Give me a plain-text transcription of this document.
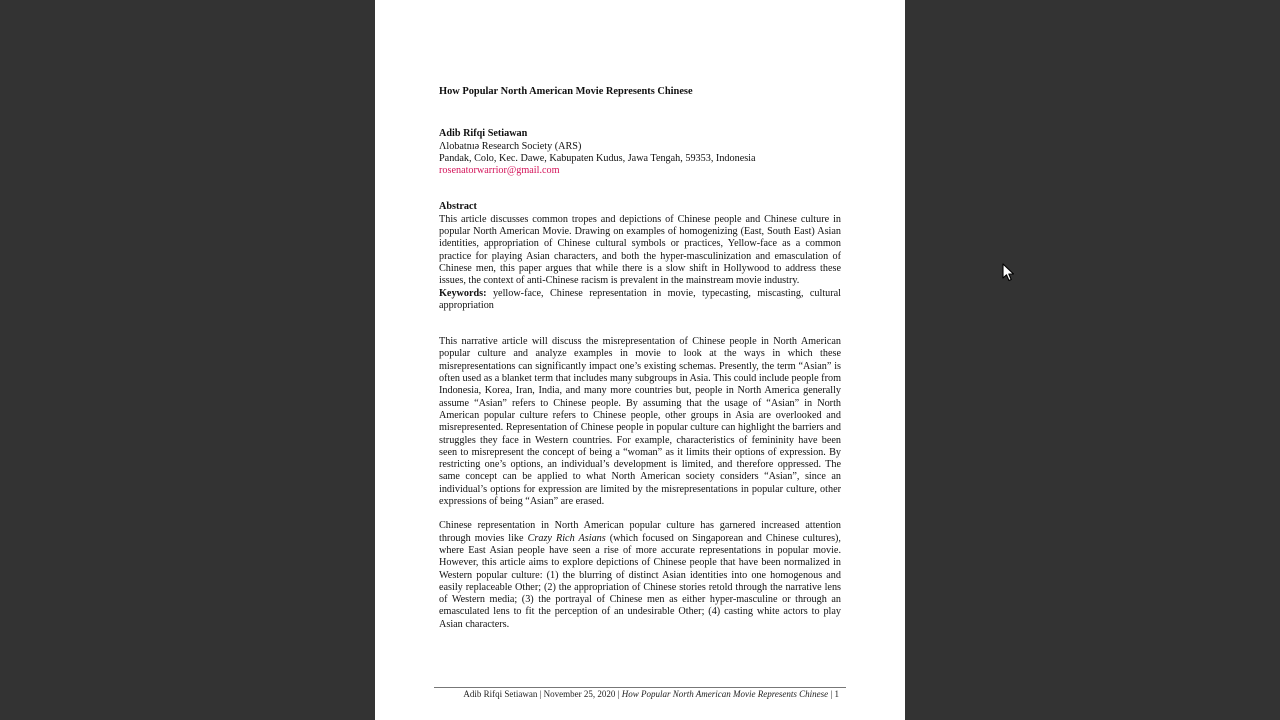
How Popular North American Movie Represents Chinese
Adib Rifqi Setiawan
Λlobatnıə Research Society (ARS)
Pandak, Colo, Kec. Dawe, Kabupaten Kudus, Jawa Tengah, 59353, Indonesia
rosenatorwarrior@gmail.com
Abstract

This article discusses common tropes and depictions of Chinese people and Chinese culture in popular North American Movie. Drawing on examples of homogenizing (East, South East) Asian identities, appropriation of Chinese cultural symbols or practices, Yellow-face as a common practice for playing Asian characters, and both the hyper-masculinization and emasculation of Chinese men, this paper argues that while there is a slow shift in Hollywood to address these issues, the context of anti-Chinese racism is prevalent in the mainstream movie industry.

Keywords: yellow-face, Chinese representation in movie, typecasting, miscasting, cultural appropriation

This narrative article will discuss the misrepresentation of Chinese people in North American popular culture and analyze examples in movie to look at the ways in which these misrepresentations can significantly impact one’s existing schemas. Presently, the term “Asian” is often used as a blanket term that includes many subgroups in Asia. This could include people from Indonesia, Korea, Iran, India, and many more countries but, people in North America generally assume “Asian” refers to Chinese people. By assuming that the usage of “Asian” in North American popular culture refers to Chinese people, other groups in Asia are overlooked and misrepresented. Representation of Chinese people in popular culture can highlight the barriers and struggles they face in Western countries. For example, characteristics of femininity have been seen to misrepresent the concept of being a “woman” as it limits their options of expression. By restricting one’s options, an individual’s development is limited, and therefore oppressed. The same concept can be applied to what North American society considers “Asian”, since an individual’s options for expression are limited by the misrepresentations in popular culture, other expressions of being “Asian” are erased.

Chinese representation in North American popular culture has garnered increased attention through movies like Crazy Rich Asians (which focused on Singaporean and Chinese cultures), where East Asian people have seen a rise of more accurate representations in popular movie. However, this article aims to explore depictions of Chinese people that have been normalized in Western popular culture: (1) the blurring of distinct Asian identities into one homogenous and easily replaceable Other; (2) the appropriation of Chinese stories retold through the narrative lens of Western media; (3) the portrayal of Chinese men as either hyper-masculine or through an emasculated lens to fit the perception of an undesirable Other; (4) casting white actors to play Asian characters.

Adib Rifqi Setiawan | November 25, 2020 | How Popular North American Movie Represents Chinese | 1
